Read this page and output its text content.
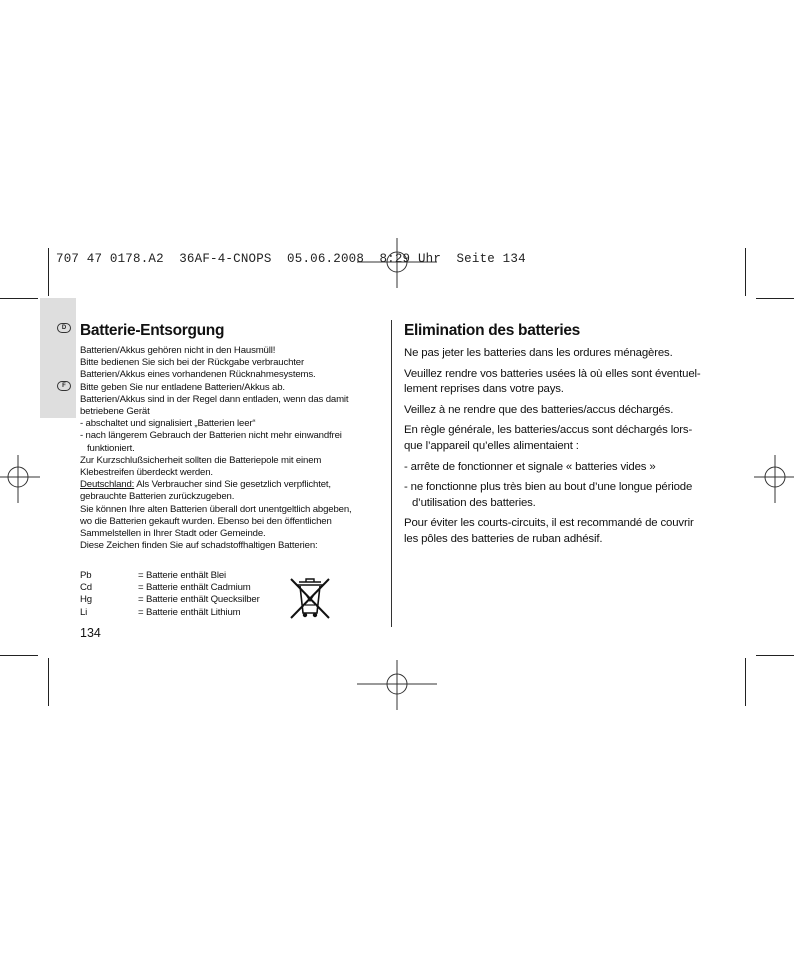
707 47 0178.A2  36AF-4-CNOPS  05.06.2008  8:29 Uhr  Seite 134
D
F
Batterie-Entsorgung

Batterien/Akkus gehören nicht in den Hausmüll!

Bitte bedienen Sie sich bei der Rückgabe verbrauchter

Batterien/Akkus eines vorhandenen Rücknahmesystems.

Bitte geben Sie nur entladene Batterien/Akkus ab.

Batterien/Akkus sind in der Regel dann entladen, wenn das damit

betriebene Gerät

- abschaltet und signalisiert „Batterien leer“

- nach längerem Gebrauch der Batterien nicht mehr einwandfrei

funktioniert.

Zur Kurzschlußsicherheit sollten die Batteriepole mit einem

Klebestreifen überdeckt werden.

Deutschland: Als Verbraucher sind Sie gesetzlich verpflichtet,

gebrauchte Batterien zurückzugeben.

Sie können Ihre alten Batterien überall dort unentgeltlich abgeben,

wo die Batterien gekauft wurden. Ebenso bei den öffentlichen

Sammelstellen in Ihrer Stadt oder Gemeinde.

Diese Zeichen finden Sie auf schadstoffhaltigen Batterien:

Pb	= Batterie enthält Blei
Cd	= Batterie enthält Cadmium
Hg	= Batterie enthält Quecksilber
Li	= Batterie enthält Lithium
134
Elimination des batteries

Ne pas jeter les batteries dans les ordures ménagères.

Veuillez rendre vos batteries usées là où elles sont éventuel-

lement reprises dans votre pays.

Veillez à ne rendre que des batteries/accus déchargés.

En règle générale, les batteries/accus sont déchargés lors-

que l’appareil qu’elles alimentaient :

- arrête de fonctionner et signale « batteries vides »

- ne fonctionne plus très bien au bout d’une longue période

d’utilisation des batteries.

Pour éviter les courts-circuits, il est recommandé de couvrir

les pôles des batteries de ruban adhésif.
